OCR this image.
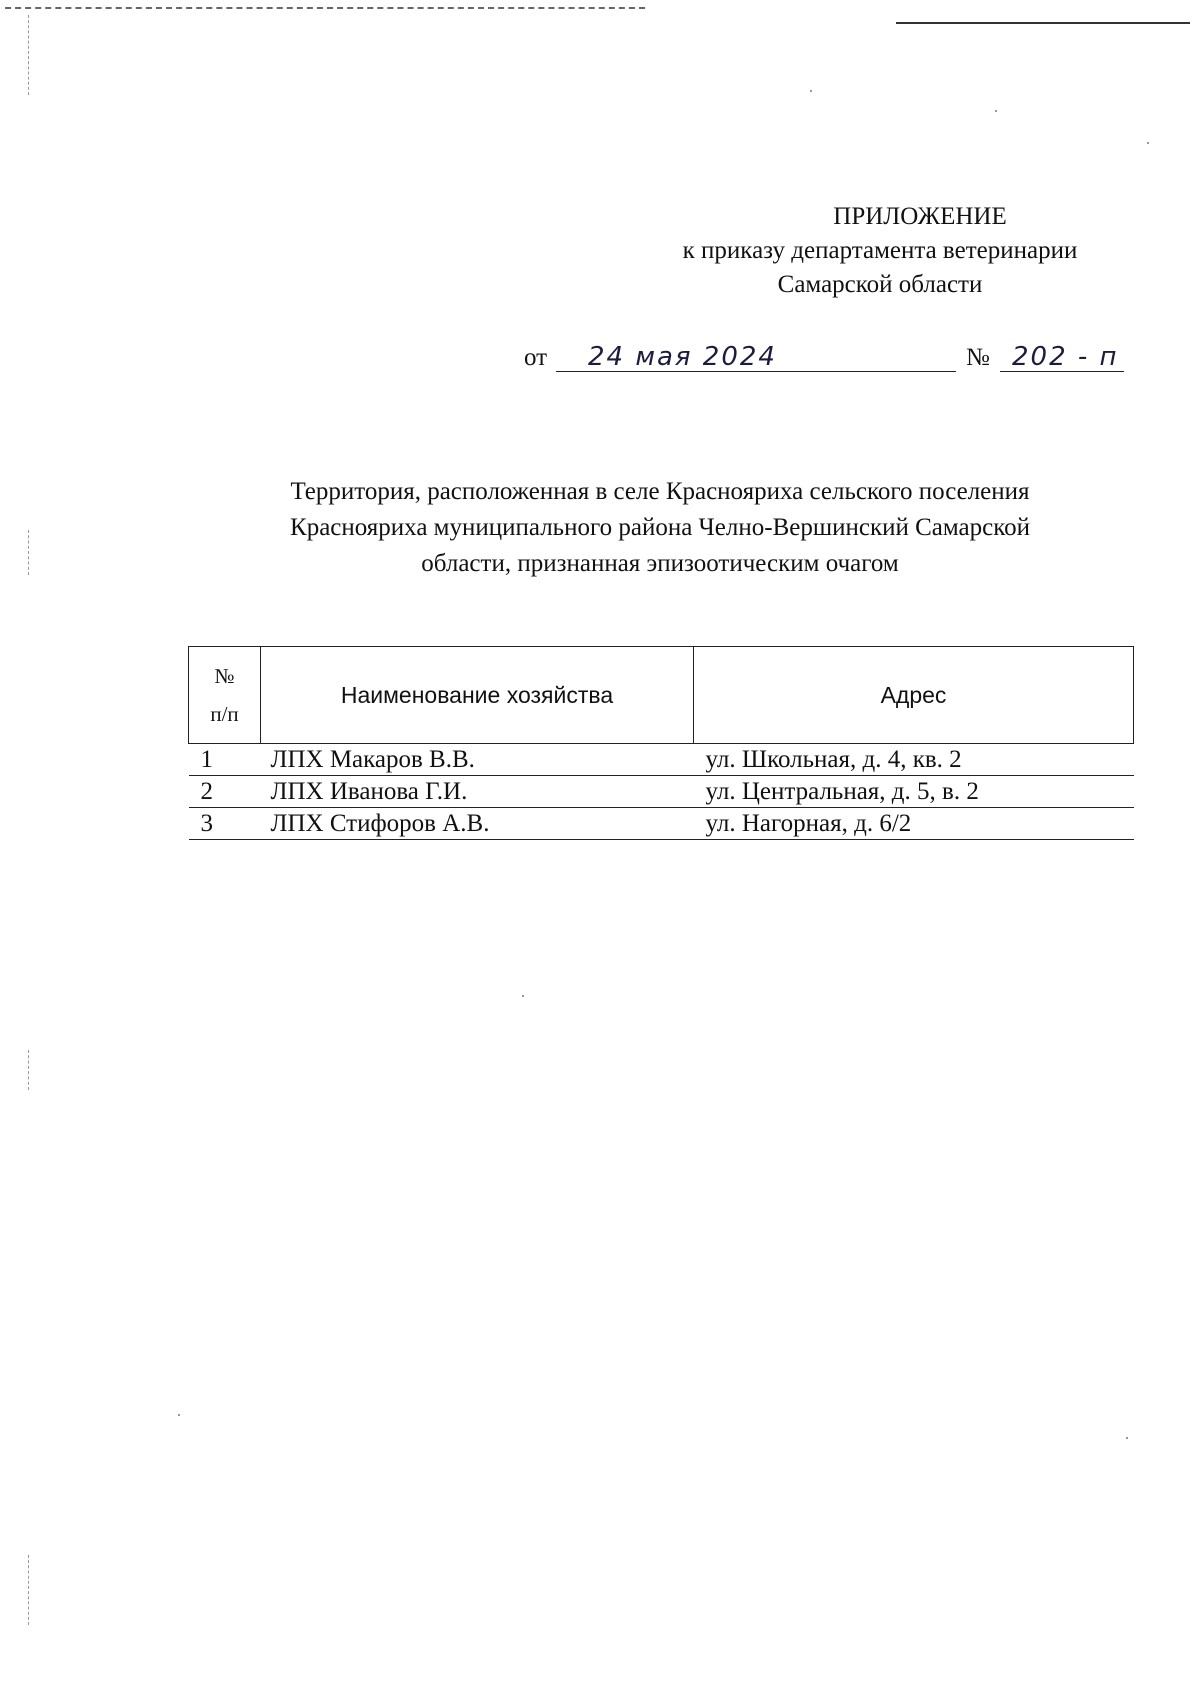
ПРИЛОЖЕНИЕ
к приказу департамента ветеринарии
Самарской области
от	24 мая 2024	№ 202 - п
Территория, расположенная в селе Краснояриха сельского поселения
Краснояриха муниципального района Челно-Вершинский Самарской
области, признанная эпизоотическим очагом
№
п/п	Наименование хозяйства	Адрес
1	ЛПХ Макаров В.В.	ул. Школьная, д. 4, кв. 2
2	ЛПХ Иванова Г.И.	ул. Центральная, д. 5, в. 2
3	ЛПХ Стифоров А.В.	ул. Нагорная, д. 6/2
